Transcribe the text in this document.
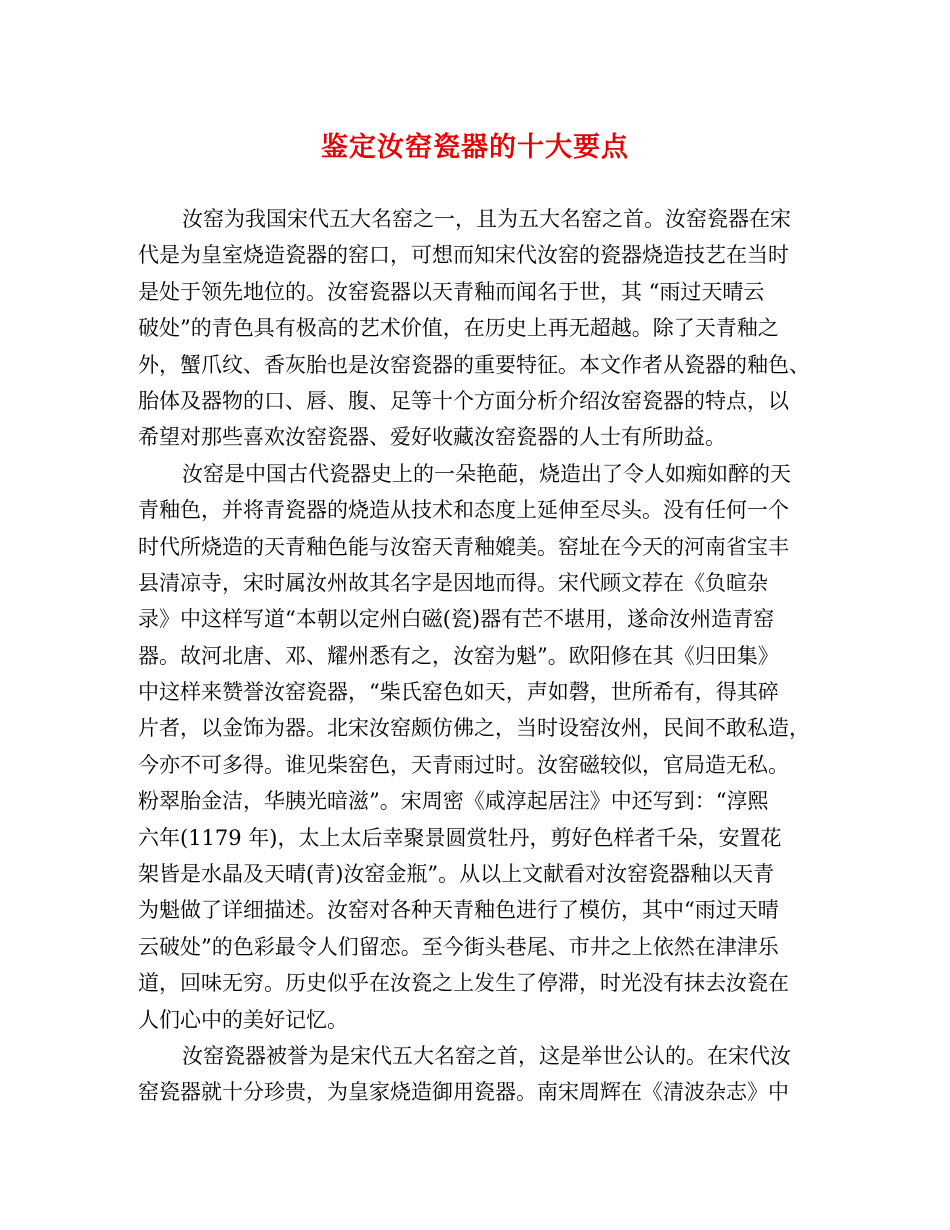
鉴定汝窑瓷器的十大要点
汝窑为我国宋代五大名窑之一，且为五大名窑之首。汝窑瓷器在宋
代是为皇室烧造瓷器的窑口，可想而知宋代汝窑的瓷器烧造技艺在当时
是处于领先地位的。汝窑瓷器以天青釉而闻名于世，其 “雨过天晴云
破处”的青色具有极高的艺术价值，在历史上再无超越。除了天青釉之
外，蟹爪纹、香灰胎也是汝窑瓷器的重要特征。本文作者从瓷器的釉色、
胎体及器物的口、唇、腹、足等十个方面分析介绍汝窑瓷器的特点，以
希望对那些喜欢汝窑瓷器、爱好收藏汝窑瓷器的人士有所助益。
汝窑是中国古代瓷器史上的一朵艳葩，烧造出了令人如痴如醉的天
青釉色，并将青瓷器的烧造从技术和态度上延伸至尽头。没有任何一个
时代所烧造的天青釉色能与汝窑天青釉媲美。窑址在今天的河南省宝丰
县清凉寺，宋时属汝州故其名字是因地而得。宋代顾文荐在《负暄杂
录》中这样写道“本朝以定州白磁(瓷)器有芒不堪用，遂命汝州造青窑
器。故河北唐、邓、耀州悉有之，汝窑为魁”。欧阳修在其《归田集》
中这样来赞誉汝窑瓷器，“柴氏窑色如天，声如磬，世所希有，得其碎
片者，以金饰为器。北宋汝窑颇仿佛之，当时设窑汝州，民间不敢私造，
今亦不可多得。谁见柴窑色，天青雨过时。汝窑磁较似，官局造无私。
粉翠胎金洁，华胰光暗滋”。宋周密《咸淳起居注》中还写到：“淳熙
六年(1179 年)，太上太后幸聚景圆赏牡丹，剪好色样者千朵，安置花
架皆是水晶及天晴(青)汝窑金瓶”。从以上文献看对汝窑瓷器釉以天青
为魁做了详细描述。汝窑对各种天青釉色进行了模仿，其中“雨过天晴
云破处”的色彩最令人们留恋。至今街头巷尾、市井之上依然在津津乐
道，回味无穷。历史似乎在汝瓷之上发生了停滞，时光没有抹去汝瓷在
人们心中的美好记忆。
汝窑瓷器被誉为是宋代五大名窑之首，这是举世公认的。在宋代汝
窑瓷器就十分珍贵，为皇家烧造御用瓷器。南宋周辉在《清波杂志》中
